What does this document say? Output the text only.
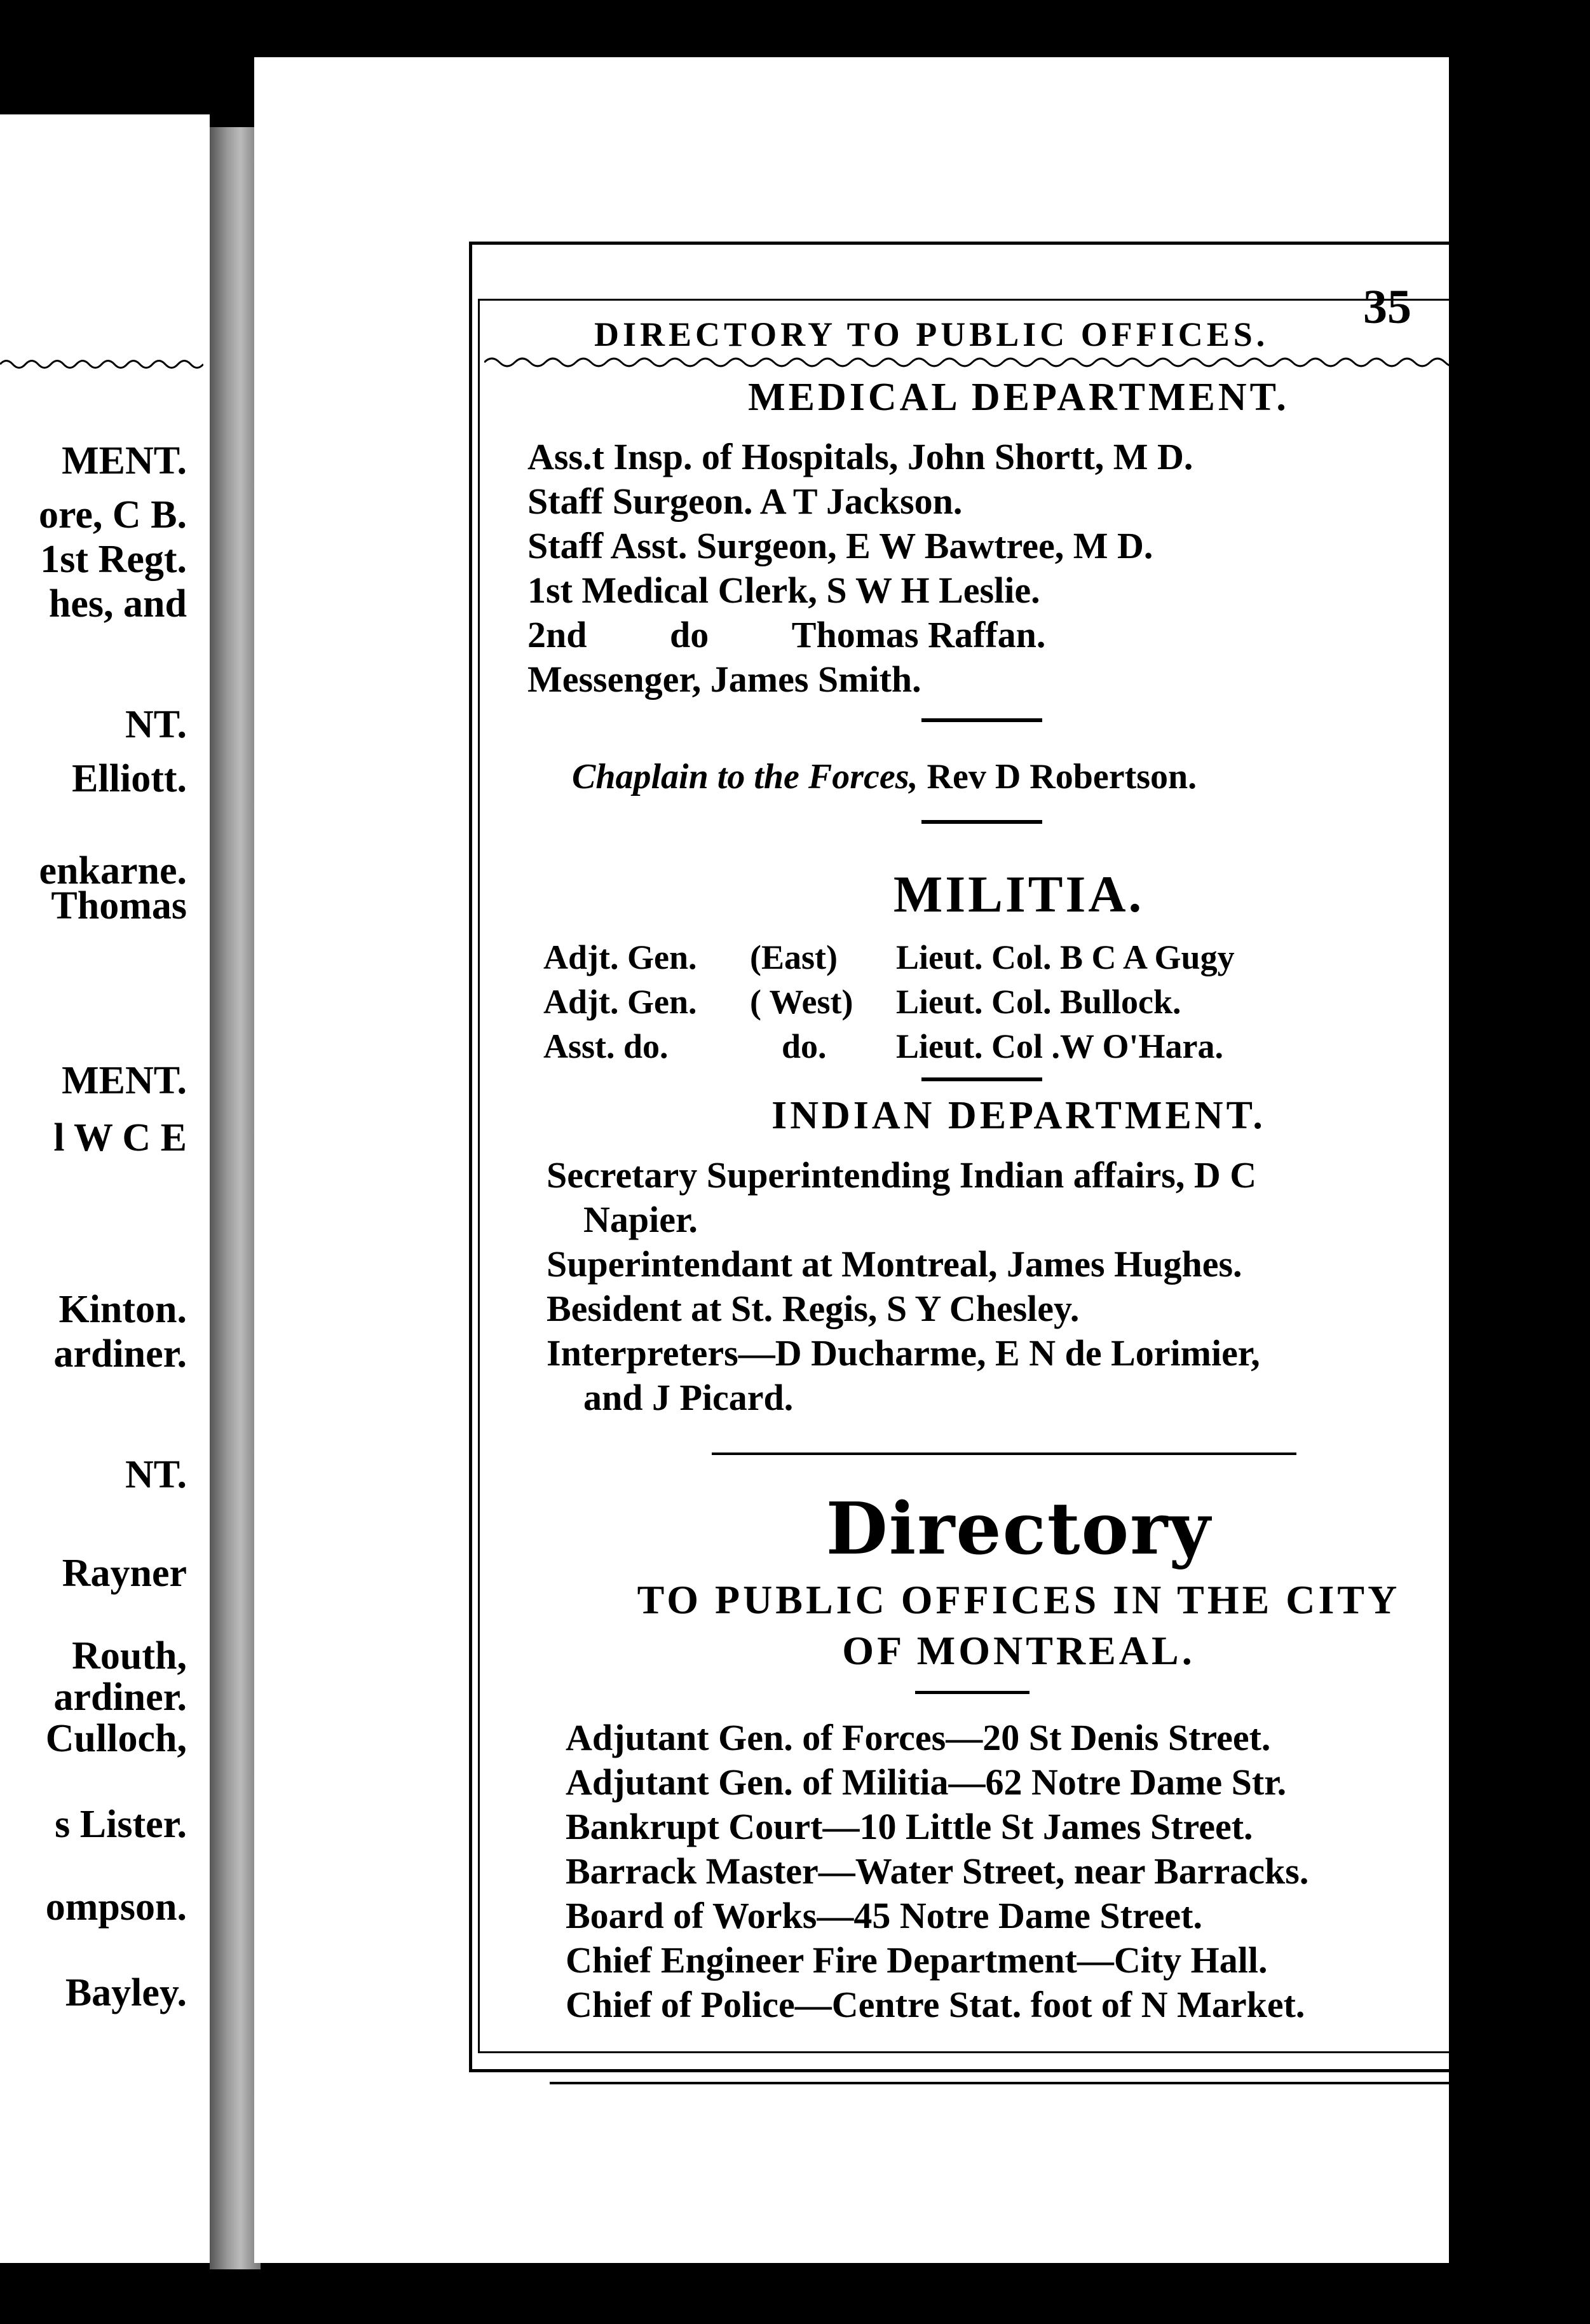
MENT.
ore, C B.
1st Regt.
hes, and
NT.
Elliott.
enkarne.
Thomas
MENT.
l W C E
Kinton.
ardiner.
NT.
Rayner
Routh,
ardiner.
Culloch,
s Lister.
ompson.
Bayley.
DIRECTORY TO PUBLIC OFFICES.
35
MEDICAL DEPARTMENT.
Ass.t Insp. of Hospitals, John Shortt, M D.
Staff Surgeon. A T Jackson.
Staff Asst. Surgeon, E W Bawtree, M D.
1st Medical Clerk, S W H Leslie.
2nd         do         Thomas Raffan.
Messenger, James Smith.
Chaplain to the Forces, Rev D Robertson.
MILITIA.
Adjt. Gen. (East) Lieut. Col. B C A Gugy
Adjt. Gen. ( West) Lieut. Col. Bullock.
Asst. do.	do. Lieut. Col .W O'Hara.
INDIAN DEPARTMENT.
Secretary Superintending Indian affairs, D C
Napier.
Superintendant at Montreal, James Hughes.
Besident at St. Regis, S Y Chesley.
Interpreters—D Ducharme, E N de Lorimier,
and J Picard.
Directory
TO PUBLIC OFFICES IN THE CITY
OF MONTREAL.
Adjutant Gen. of Forces—20 St Denis Street.
Adjutant Gen. of Militia—62 Notre Dame Str.
Bankrupt Court—10 Little St James Street.
Barrack Master—Water Street, near Barracks.
Board of Works—45 Notre Dame Street.
Chief Engineer Fire Department—City Hall.
Chief of Police—Centre Stat. foot of N Market.
